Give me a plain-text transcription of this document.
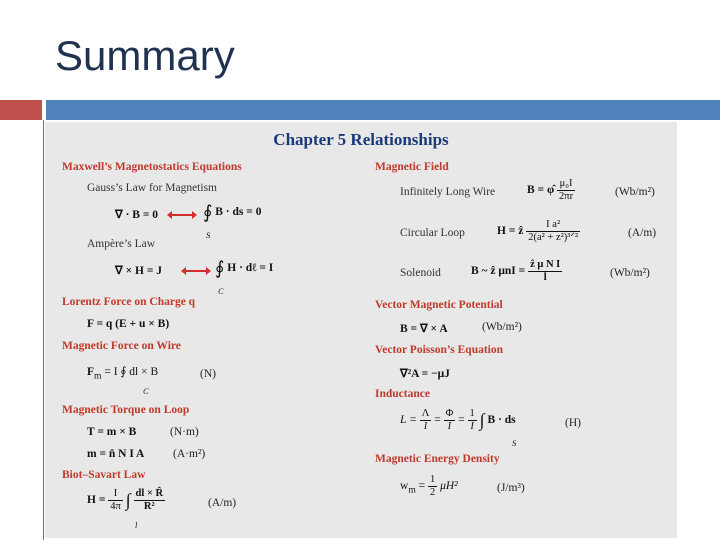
Summary
Chapter 5 Relationships
Maxwell’s Magnetostatics Equations
Gauss’s Law for Magnetism
∇ · B = 0 ∮ B · ds = 0
S
Ampère’s Law
∇ × H = J	∮ H · dℓ = I
C
Lorentz Force on Charge q
F = q (E + u × B)
Magnetic Force on Wire
$F_m = I$ ∮ dl × B
C
(N)
Magnetic Torque on Loop
T = m × B	(N·m)
m = n̂ N I A (A·m²)
Biot–Savart Law
$H = \frac{I}{4\pi}$ ∫ $\frac{dl \times R̂}{\text{R²}}$
l
(A/m)
Magnetic Field
Infinitely Long Wire	B = φ̂ $\frac{\text{μ₀I}}{2\pi r}$	(Wb/m²)
Circular Loop	H = ẑ $\frac{\text{I a²}}{\text{2(a² + z²)³ᐟ²}}$	(A/m)
Solenoid	B ~ ẑ $\mu nI = \frac{\text{ẑ μ N I}}{l}$	(Wb/m²)
Vector Magnetic Potential
B = ∇ × A	(Wb/m²)
Vector Poisson’s Equation
∇²A = −μJ
Inductance
$L = \frac{\Lambda}{I} = \frac{\Phi}{I} = \frac{1}{I}$ ∫ B · ds
S
(H)
Magnetic Energy Density
$w_m = \frac{1}{2} \mu H^2$	(J/m³)
